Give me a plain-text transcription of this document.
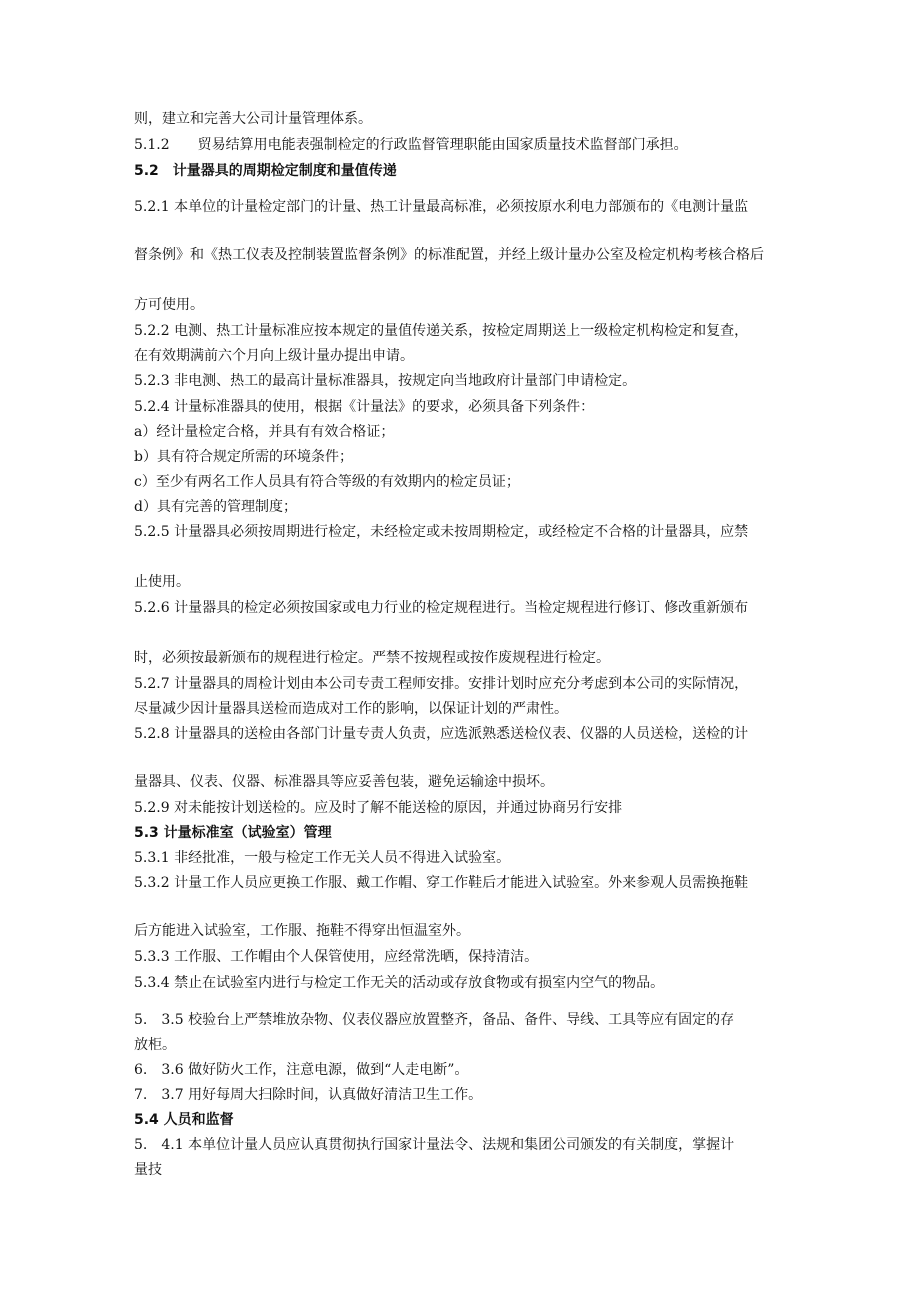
则，建立和完善大公司计量管理体系。
5.1.2　　贸易结算用电能表强制检定的行政监督管理职能由国家质量技术监督部门承担。
5.2　计量器具的周期检定制度和量值传递
5.2.1 本单位的计量检定部门的计量、热工计量最高标准，必须按原水利电力部颁布的《电测计量监
督条例》和《热工仪表及控制装置监督条例》的标准配置，并经上级计量办公室及检定机构考核合格后
方可使用。
5.2.2 电测、热工计量标准应按本规定的量值传递关系，按检定周期送上一级检定机构检定和复查，
在有效期满前六个月向上级计量办提出申请。
5.2.3 非电测、热工的最高计量标准器具，按规定向当地政府计量部门申请检定。
5.2.4 计量标准器具的使用，根据《计量法》的要求，必须具备下列条件：
a）经计量检定合格，并具有有效合格证；
b）具有符合规定所需的环境条件；
c）至少有两名工作人员具有符合等级的有效期内的检定员证；
d）具有完善的管理制度；
5.2.5 计量器具必须按周期进行检定，未经检定或未按周期检定，或经检定不合格的计量器具，应禁
止使用。
5.2.6 计量器具的检定必须按国家或电力行业的检定规程进行。当检定规程进行修订、修改重新颁布
时，必须按最新颁布的规程进行检定。严禁不按规程或按作废规程进行检定。
5.2.7 计量器具的周检计划由本公司专责工程师安排。安排计划时应充分考虑到本公司的实际情况，
尽量减少因计量器具送检而造成对工作的影响，以保证计划的严肃性。
5.2.8 计量器具的送检由各部门计量专责人负责，应选派熟悉送检仪表、仪器的人员送检，送检的计
量器具、仪表、仪器、标准器具等应妥善包装，避免运输途中损坏。
5.2.9 对未能按计划送检的。应及时了解不能送检的原因，并通过协商另行安排
5.3 计量标准室（试验室）管理
5.3.1 非经批准，一般与检定工作无关人员不得进入试验室。
5.3.2 计量工作人员应更换工作服、戴工作帽、穿工作鞋后才能进入试验室。外来参观人员需换拖鞋
后方能进入试验室，工作服、拖鞋不得穿出恒温室外。
5.3.3 工作服、工作帽由个人保管使用，应经常洗晒，保持清洁。
5.3.4 禁止在试验室内进行与检定工作无关的活动或存放食物或有损室内空气的物品。
5.　3.5 校验台上严禁堆放杂物、仪表仪器应放置整齐，备品、备件、导线、工具等应有固定的存
放柜。
6.　3.6 做好防火工作，注意电源，做到“人走电断”。
7.　3.7 用好每周大扫除时间，认真做好清洁卫生工作。
5.4 人员和监督
5.　4.1 本单位计量人员应认真贯彻执行国家计量法令、法规和集团公司颁发的有关制度，掌握计
量技
